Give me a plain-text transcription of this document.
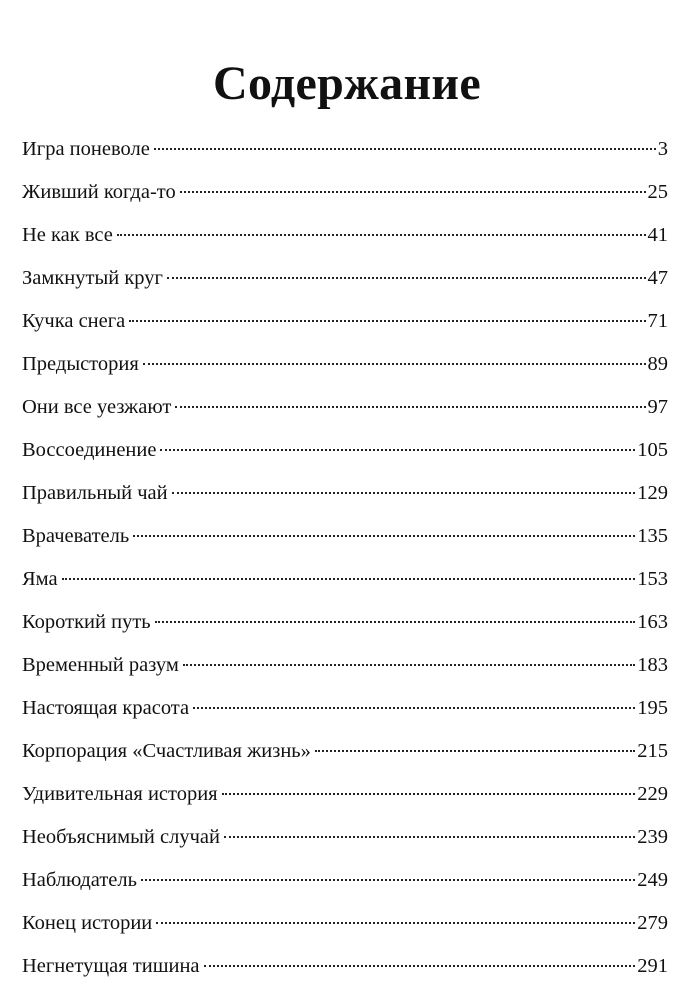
Содержание
Игра поневоле	3
Живший когда-то	25
Не как все	41
Замкнутый круг	47
Кучка снега	71
Предыстория	89
Они все уезжают	97
Воссоединение	105
Правильный чай	129
Врачеватель	135
Яма	153
Короткий путь	163
Временный разум	183
Настоящая красота	195
Корпорация «Счастливая жизнь»	215
Удивительная история	229
Необъяснимый случай	239
Наблюдатель	249
Конец истории	279
Негнетущая тишина	291
